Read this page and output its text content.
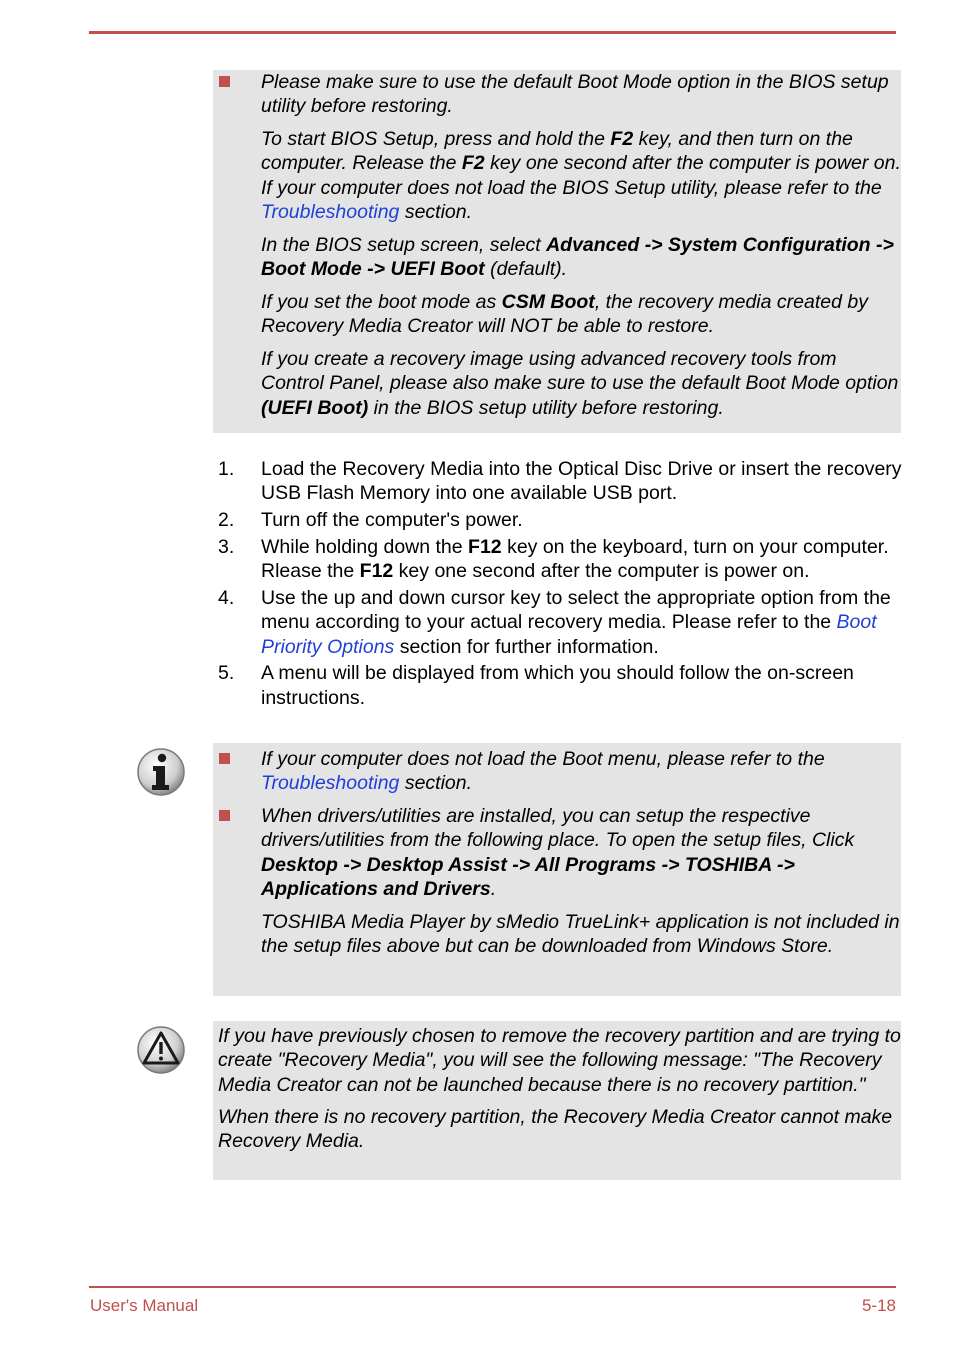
Please make sure to use the default Boot Mode option in the BIOS setup utility before restoring.

To start BIOS Setup, press and hold the F2 key, and then turn on the computer. Release the F2 key one second after the computer is power on. If your computer does not load the BIOS Setup utility, please refer to the Troubleshooting section.

In the BIOS setup screen, select Advanced -> System Configuration -> Boot Mode -> UEFI Boot (default).

If you set the boot mode as CSM Boot, the recovery media created by Recovery Media Creator will NOT be able to restore.

If you create a recovery image using advanced recovery tools from Control Panel, please also make sure to use the default Boot Mode option (UEFI Boot) in the BIOS setup utility before restoring.

1. Load the Recovery Media into the Optical Disc Drive or insert the recovery USB Flash Memory into one available USB port.
2. Turn off the computer's power.
3. While holding down the F12 key on the keyboard, turn on your computer. Rlease the F12 key one second after the computer is power on.
4. Use the up and down cursor key to select the appropriate option from the menu according to your actual recovery media. Please refer to the Boot Priority Options section for further information.
5. A menu will be displayed from which you should follow the on-screen instructions.

If your computer does not load the Boot menu, please refer to the Troubleshooting section.

When drivers/utilities are installed, you can setup the respective drivers/utilities from the following place. To open the setup files, Click Desktop -> Desktop Assist -> All Programs -> TOSHIBA -> Applications and Drivers.

TOSHIBA Media Player by sMedio TrueLink+ application is not included in the setup files above but can be downloaded from Windows Store.

If you have previously chosen to remove the recovery partition and are trying to create "Recovery Media", you will see the following message: "The Recovery Media Creator can not be launched because there is no recovery partition."

When there is no recovery partition, the Recovery Media Creator cannot make Recovery Media.

User's Manual	5-18
